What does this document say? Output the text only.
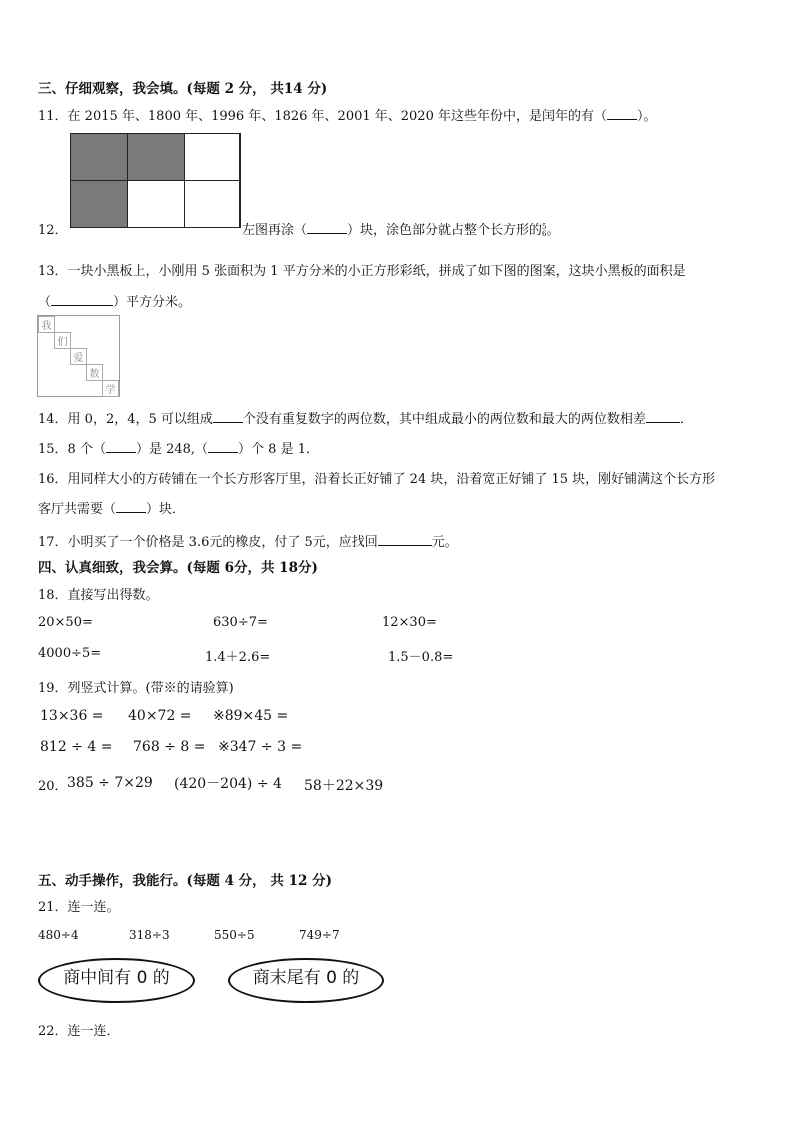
三、仔细观察，我会填。(每题 2 分， 共14 分)
11．在 2015 年、1800 年、1996 年、1826 年、2001 年、2020 年这些年份中，是闰年的有（ ）。
12．	左图再涂（	）块，涂色部分就占整个长方形的5
6。
13．一块小黑板上，小刚用 5 张面积为 1 平方分米的小正方形彩纸，拼成了如下图的图案，这块小黑板的面积是
（	）平方分米。
我
们
爱
数
学
14．用 0，2，4，5 可以组成 个没有重复数字的两位数，其中组成最小的两位数和最大的两位数相差	．
15．8 个（ ）是 248,（ ）个 8 是 1．
16．用同样大小的方砖铺在一个长方形客厅里，沿着长正好铺了 24 块，沿着宽正好铺了 15 块，刚好铺满这个长方形
客厅共需要（ ）块．
17．小明买了一个价格是 3.6元的橡皮，付了 5元，应找回	元。
四、认真细致，我会算。(每题 6分，共 18分)
18．直接写出得数。
20×50=	630÷7=	12×30=
4000÷5=	1.4＋2.6=	1.5－0.8=
19．列竖式计算。(带※的请验算)
13×36 = 40×72 = ※89×45 =
812 ÷ 4 = 768 ÷ 8 = ※347 ÷ 3 =
20． 385 ÷ 7×29 (420－204) ÷ 4 58＋22×39
五、动手操作，我能行。(每题 4 分， 共 12 分)
21．连一连。
480÷4	318÷3	550÷5	749÷7
商中间有 0 的	商末尾有 0 的
22．连一连．
